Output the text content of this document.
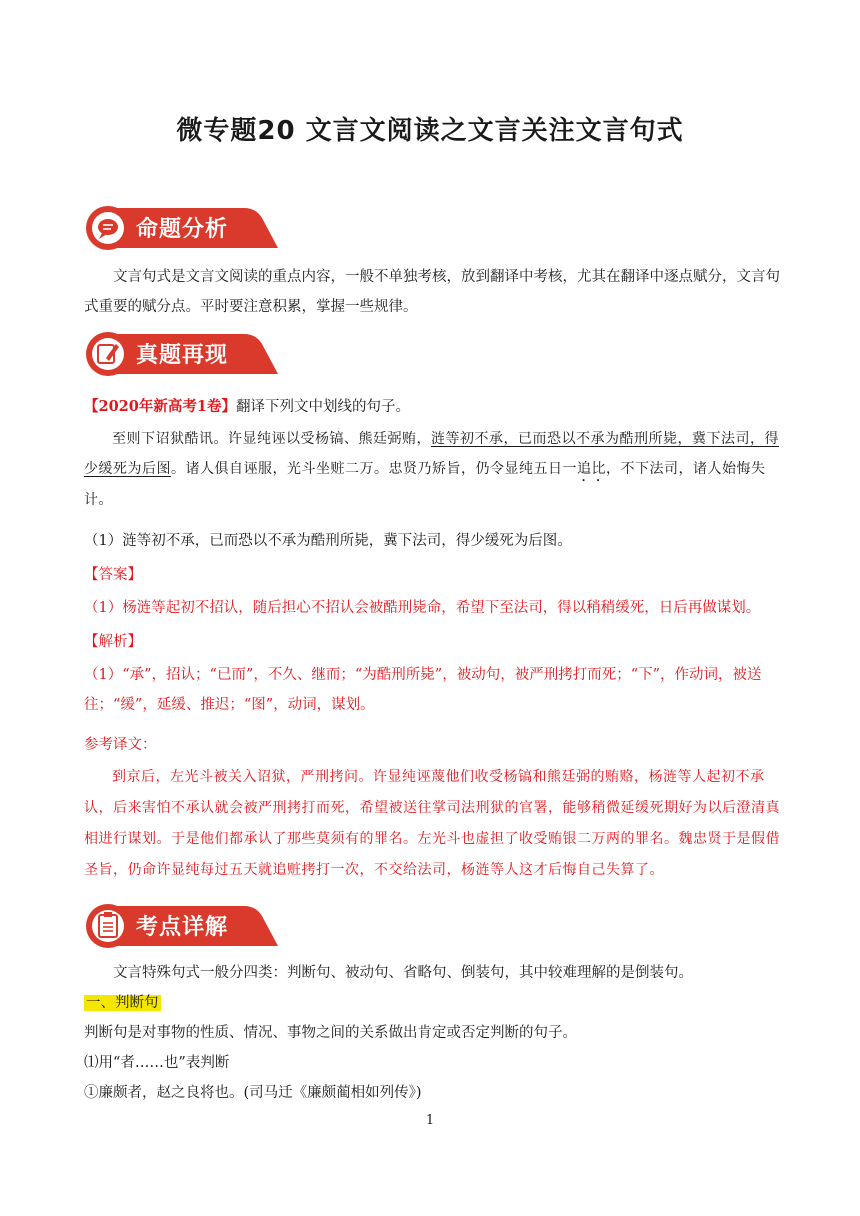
微专题20 文言文阅读之文言关注文言句式
命题分析
文言句式是文言文阅读的重点内容，一般不单独考核，放到翻译中考核，尤其在翻译中逐点赋分，文言句式重要的赋分点。平时要注意积累，掌握一些规律。
真题再现
【2020年新高考1卷】翻译下列文中划线的句子。
至则下诏狱酷讯。许显纯诬以受杨镐、熊廷弼贿，涟等初不承，已而恐以不承为酷刑所毙，冀下法司，得少缓死为后图。诸人俱自诬服，光斗坐赃二万。忠贤乃矫旨，仍令显纯五日一追比，不下法司，诸人始悔失计。
（1）涟等初不承，已而恐以不承为酷刑所毙，冀下法司，得少缓死为后图。
【答案】
（1）杨涟等起初不招认，随后担心不招认会被酷刑毙命，希望下至法司，得以稍稍缓死，日后再做谋划。
【解析】
（1）“承”，招认；“已而”，不久、继而；“为酷刑所毙”，被动句，被严刑拷打而死；“下”，作动词，被送往；“缓”，延缓、推迟；“图”，动词，谋划。
参考译文：
到京后，左光斗被关入诏狱，严刑拷问。许显纯诬蔑他们收受杨镐和熊廷弼的贿赂，杨涟等人起初不承认，后来害怕不承认就会被严刑拷打而死，希望被送往掌司法刑狱的官署，能够稍微延缓死期好为以后澄清真相进行谋划。于是他们都承认了那些莫须有的罪名。左光斗也虚担了收受贿银二万两的罪名。魏忠贤于是假借圣旨，仍命许显纯每过五天就追赃拷打一次，不交给法司，杨涟等人这才后悔自己失算了。
考点详解
文言特殊句式一般分四类：判断句、被动句、省略句、倒装句，其中较难理解的是倒装句。
一、判断句
判断句是对事物的性质、情况、事物之间的关系做出肯定或否定判断的句子。
⑴用“者……也”表判断
①廉颇者，赵之良将也。(司马迁《廉颇蔺相如列传》)
1
